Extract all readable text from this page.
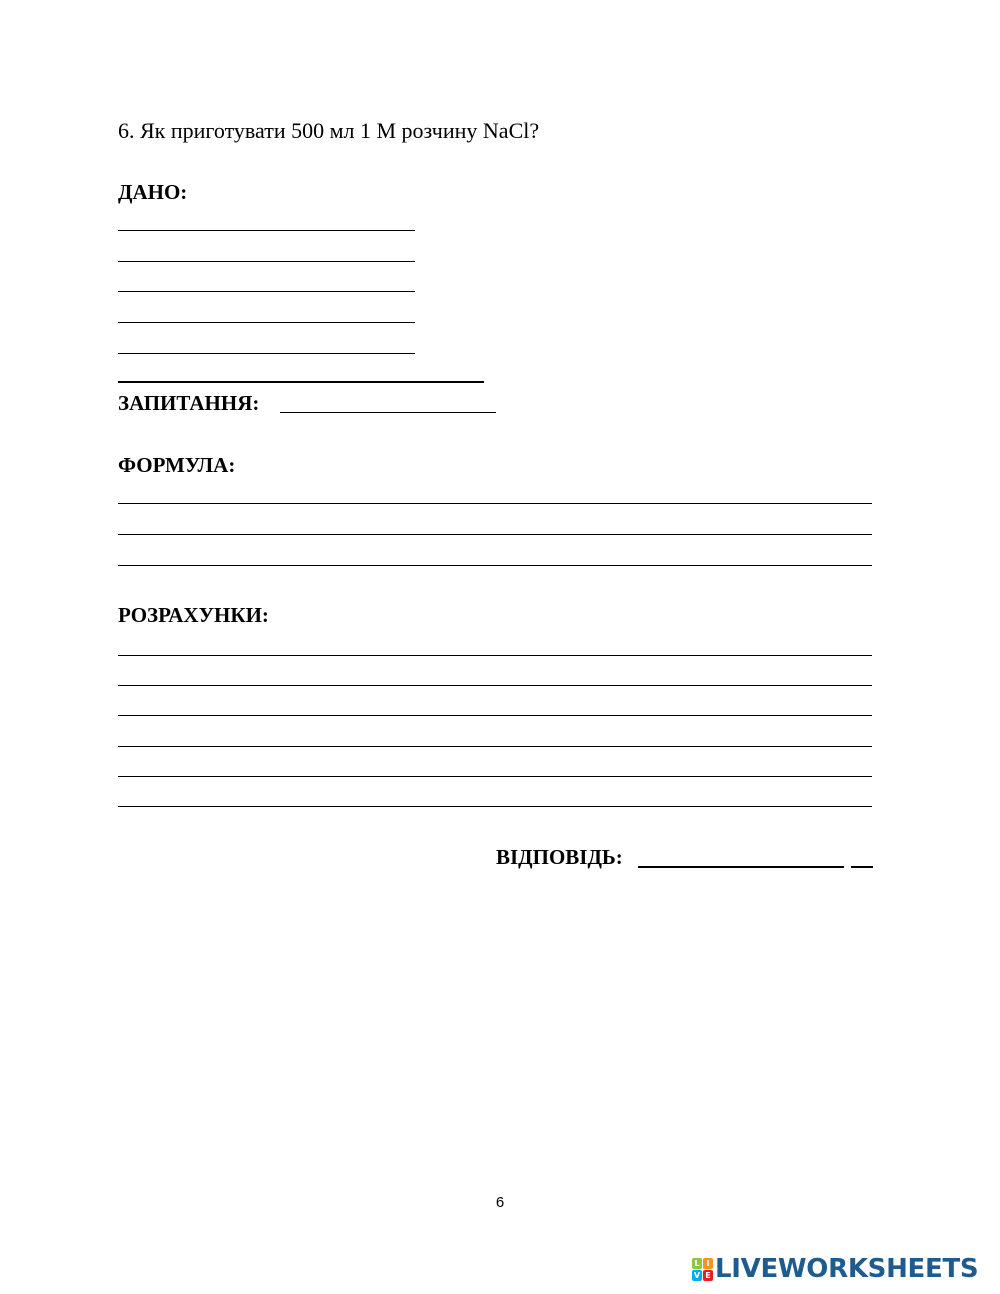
6. Як приготувати 500 мл 1 М розчину NaCl?
ДАНО:
ЗАПИТАННЯ:
ФОРМУЛА:
РОЗРАХУНКИ:
ВІДПОВІДЬ:
6
L I
V E LIVEWORKSHEETS
